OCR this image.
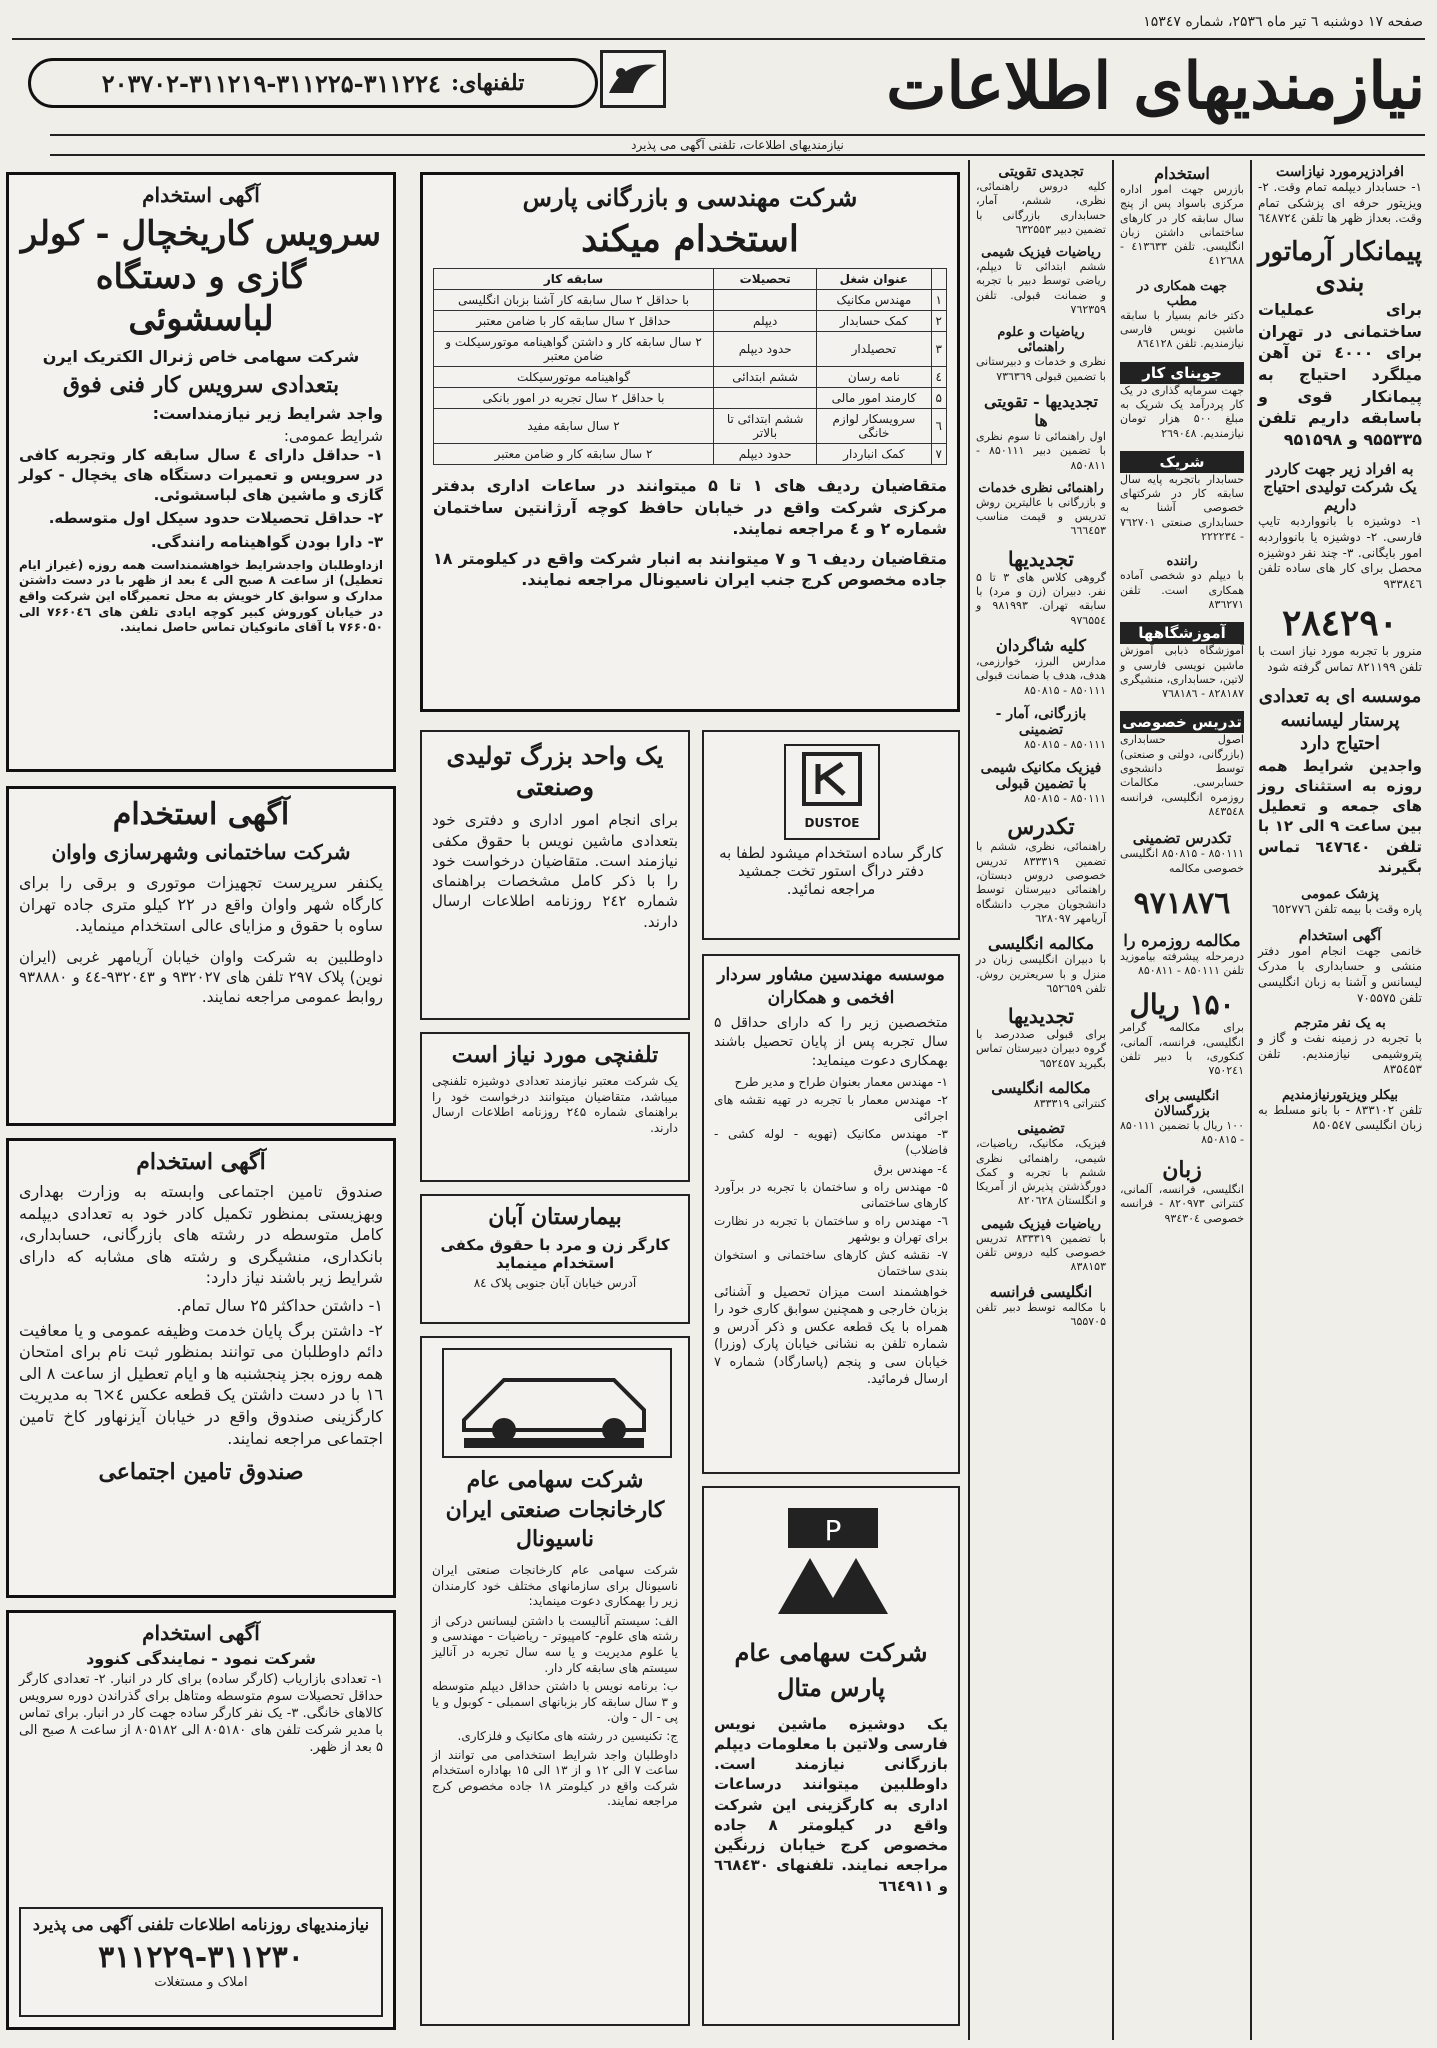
صفحه ۱۷ دوشنبه ٦ تیر ماه ۲۵۳٦، شماره ۱۵۳٤۷
نیازمندیهای اطلاعات
تلفنهای:
۲۰۳۷۰۲-۳۱۱۲۱۹-۳۱۱۲۲۵-۳۱۱۲۲٤
نیازمندیهای اطلاعات، تلفنی آگهی می پذیرد
آگهی استخدام
سرویس کاریخچال - کولر گازی و دستگاه لباسشوئی
شرکت سهامی خاص ژنرال الکتریک ایرن
بتعدادی سرویس کار فنی فوق
واجد شرایط زیر نیازمنداست:
شرایط عمومی:
۱- حداقل دارای ٤ سال سابقه کار وتجربه کافی در سرویس و تعمیرات دستگاه های یخچال - کولر گازی و ماشین های لباسشوئی.
۲- حداقل تحصیلات حدود سیکل اول متوسطه.
۳- دارا بودن گواهینامه رانندگی.
ازداوطلبان واجدشرایط خواهشمنداست همه روزه (غیراز ایام تعطیل) از ساعت ۸ صبح الی ٤ بعد از ظهر با در دست داشتن مدارک و سوابق کار خویش به محل تعمیرگاه این شرکت واقع در خیابان کوروش کبیر کوچه ایادی تلفن های ۷۶۶۰٤٦ الی ۷۶۶۰۵۰ با آقای مانوکیان تماس حاصل نمایند.
آگهی استخدام
شرکت ساختمانی وشهرسازی واوان
یکنفر سرپرست تجهیزات موتوری و برقی را برای کارگاه شهر واوان واقع در ۲۲ کیلو متری جاده تهران ساوه با حقوق و مزایای عالی استخدام مینماید.
داوطلبین به شرکت واوان خیابان آریامهر غربی (ایران نوین) پلاک ۲۹۷ تلفن های ۹۳۲۰۲۷ و ۹۳۲۰٤۳-٤٤ و ۹۳۸۸۸۰ روابط عمومی مراجعه نمایند.
آگهی استخدام
صندوق تامین اجتماعی وابسته به وزارت بهداری وبهزیستی بمنظور تکمیل کادر خود به تعدادی دیپلمه کامل متوسطه در رشته های بازرگانی، حسابداری، بانکداری، منشیگری و رشته های مشابه که دارای شرایط زیر باشند نیاز دارد:
۱- داشتن حداکثر ۲۵ سال تمام.
۲- داشتن برگ پایان خدمت وظیفه عمومی و یا معافیت دائم داوطلبان می توانند بمنظور ثبت نام برای امتحان همه روزه بجز پنجشنبه ها و ایام تعطیل از ساعت ۸ الی ۱٦ با در دست داشتن یک قطعه عکس ٤×٦ به مدیریت کارگزینی صندوق واقع در خیابان آیزنهاور کاخ تامین اجتماعی مراجعه نمایند.
صندوق تامین اجتماعی
آگهی استخدام
شرکت نمود - نمایندگی کنوود
۱- تعدادی بازاریاب (کارگر ساده) برای کار در انبار. ۲- تعدادی کارگر حداقل تحصیلات سوم متوسطه ومتاهل برای گذراندن دوره سرویس کالاهای خانگی. ۳- یک نفر کارگر ساده جهت کار در انبار. برای تماس با مدیر شرکت تلفن های ۸۰۵۱۸۰ الی ۸۰۵۱۸۲ از ساعت ۸ صبح الی ۵ بعد از ظهر.
نیازمندیهای روزنامه اطلاعات تلفنی آگهی می پذیرد
۳۱۱۲۲۹-۳۱۱۲۳۰
املاک و مستغلات
شرکت مهندسی و بازرگانی پارس
استخدام میکند
	عنوان شغل	تحصیلات	سابقه کار
۱	مهندس مکانیک		با حداقل ۲ سال سابقه کار آشنا بزبان انگلیسی
۲	کمک حسابدار	دیپلم	حداقل ۲ سال سابقه کار با ضامن معتبر
۳	تحصیلدار	حدود دیپلم	۲ سال سابقه کار و داشتن گواهینامه موتورسیکلت و ضامن معتبر
٤	نامه رسان	ششم ابتدائی	گواهینامه موتورسیکلت
۵	کارمند امور مالی		با حداقل ۲ سال تجربه در امور بانکی
٦	سرویسکار لوازم خانگی	ششم ابتدائی تا بالاتر	۲ سال سابقه مفید
۷	کمک انباردار	حدود دیپلم	۲ سال سابقه کار و ضامن معتبر
متقاضیان ردیف های ۱ تا ۵ میتوانند در ساعات اداری بدفتر مرکزی شرکت واقع در خیابان حافظ کوچه آرژانتین ساختمان شماره ۲ و ٤ مراجعه نمایند.
متقاضیان ردیف ٦ و ۷ میتوانند به انبار شرکت واقع در کیلومتر ۱۸ جاده مخصوص کرج جنب ایران ناسیونال مراجعه نمایند.
یک واحد بزرگ تولیدی وصنعتی
برای انجام امور اداری و دفتری خود بتعدادی ماشین نویس با حقوق مکفی نیازمند است. متقاضیان درخواست خود را با ذکر کامل مشخصات براهنمای شماره ۲٤۲ روزنامه اطلاعات ارسال دارند.
تلفنچی مورد نیاز است
یک شرکت معتبر نیازمند تعدادی دوشیزه تلفنچی میباشد، متقاضیان میتوانند درخواست خود را براهنمای شماره ۲٤۵ روزنامه اطلاعات ارسال دارند.
بیمارستان آبان
کارگر زن و مرد با حقوق مکفی استخدام مینماید
آدرس خیابان آبان جنوبی پلاک ۸٤
شرکت سهامی عام کارخانجات صنعتی ایران ناسیونال
شرکت سهامی عام کارخانجات صنعتی ایران ناسیونال برای سازمانهای مختلف خود کارمندان زیر را بهمکاری دعوت مینماید:
الف: سیستم آنالیست با داشتن لیسانس درکی از رشته های علوم- کامپیوتر - ریاضیات - مهندسی و یا علوم مدیریت و یا سه سال تجربه در آنالیز سیستم های سابقه کار دار.
ب: برنامه نویس با داشتن حداقل دیپلم متوسطه و ۳ سال سابقه کار بزبانهای اسمبلی - کوبول و یا پی - ال - وان.
ج: تکنیسین در رشته های مکانیک و فلزکاری.
داوطلبان واجد شرایط استخدامی می توانند از ساعت ۷ الی ۱۲ و از ۱۳ الی ۱۵ بهاداره استخدام شرکت واقع در کیلومتر ۱۸ جاده مخصوص کرج مراجعه نمایند.
DUSTOE
کارگر ساده استخدام میشود لطفا به دفتر دراگ استور تخت جمشید مراجعه نمائید.
موسسه مهندسین مشاور سردار افخمی و همکاران
متخصصین زیر را که دارای حداقل ۵ سال تجربه پس از پایان تحصیل باشند بهمکاری دعوت مینماید:
۱- مهندس معمار بعنوان طراح و مدیر طرح
۲- مهندس معمار با تجربه در تهیه نقشه های اجرائی
۳- مهندس مکانیک (تهویه - لوله کشی - فاضلاب)
٤- مهندس برق
۵- مهندس راه و ساختمان با تجربه در برآورد کارهای ساختمانی
٦- مهندس راه و ساختمان با تجربه در نظارت برای تهران و بوشهر
۷- نقشه کش کارهای ساختمانی و استخوان بندی ساختمان
خواهشمند است میزان تحصیل و آشنائی بزبان خارجی و همچنین سوابق کاری خود را همراه با یک قطعه عکس و ذکر آدرس و شماره تلفن به نشانی خیابان پارک (وزرا) خیابان سی و پنجم (پاسارگاد) شماره ۷ ارسال فرمائید.
P
شرکت سهامی عام پارس متال
یک دوشیزه ماشین نویس فارسی ولاتین با معلومات دیپلم بازرگانی نیازمند است. داوطلبین میتوانند درساعات اداری به کارگزینی این شرکت واقع در کیلومتر ۸ جاده مخصوص کرج خیابان زرنگین مراجعه نمایند. تلفنهای ٦٦۸٤۳۰ و ٦٦٤۹۱۱
تجدیدی تقویتی
کلیه دروس راهنمائی، نظری، ششم، آمار، حسابداری بازرگانی با تضمین دبیر ٦۳۲۵۵۳
ریاضیات فیزیک شیمی
ششم ابتدائی تا دیپلم، ریاضی توسط دبیر با تجربه و ضمانت قبولی. تلفن ۷٦۲۳۵۹
ریاضیات و علوم راهنمائی
نظری و خدمات و دبیرستانی با تضمین قبولی ۷۳٦۳٦۹
تجدیدیها - تقویتی ها
اول راهنمائی تا سوم نظری با تضمین دبیر ۸۵۰۱۱۱ - ۸۵۰۸۱۱
راهنمائی نظری خدمات
و بازرگانی با عالیترین روش تدریس و قیمت مناسب ٦٦٦٤۵۳
تجدیدیها
گروهی کلاس های ۳ تا ۵ نفر. دبیران (زن و مرد) با سابقه تهران. ۹۸۱۹۹۳ و ۹۷٦۵۵٤
کلیه شاگردان
مدارس البرز، خوارزمی، هدف، هدف با ضمانت قبولی ۸۵۰۱۱۱ - ۸۵۰۸۱۵
بازرگانی، آمار - تضمینی
۸۵۰۱۱۱ - ۸۵۰۸۱۵
فیزیک مکانیک شیمی با تضمین قبولی
۸۵۰۱۱۱ - ۸۵۰۸۱۵
تکدرس
راهنمائی، نظری، ششم با تضمین ۸۳۳۳۱۹ تدریس خصوصی دروس دبستان، راهنمائی دبیرستان توسط دانشجویان مجرب دانشگاه آریامهر ٦۲۸۰۹۷
مکالمه انگلیسی
با دبیران انگلیسی زبان در منزل و با سریعترین روش. تلفن ٦۵۲٦۵۹
تجدیدیها
برای قبولی صددرصد با گروه دبیران دبیرستان تماس بگیرید ٦۵۲٤۵۷
مکالمه انگلیسی
کنتراتی ۸۳۳۳۱۹
تضمینی
فیزیک، مکانیک، ریاضیات، شیمی، راهنمائی نظری ششم با تجربه و کمک دورگذشتن پذیرش از آمریکا و انگلستان ۸۲۰٦۲۸
ریاضیات فیزیک شیمی
با تضمین ۸۳۳۳۱۹ تدریس خصوصی کلیه دروس تلفن ۸۳۸۱۵۳
انگلیسی فرانسه
با مکالمه توسط دبیر تلفن ٦۵۵۷۰۵
استخدام
بازرس جهت امور اداره مرکزی باسواد پس از پنج سال سابقه کار در کارهای ساختمانی داشتن زبان انگلیسی. تلفن ٤۱۳٦۳۳ - ٤۱۲٦۸۸
جهت همکاری در مطب
دکتر خانم بسیار با سابقه ماشین نویس فارسی نیازمندیم. تلفن ۸٦٤۱۲۸
جوینای کار
جهت سرمایه گذاری در یک کار پردرآمد یک شریک به مبلغ ۵۰۰ هزار تومان نیازمندیم. ۲٦۹۰٤۸
شریک
حسابدار باتجربه پایه سال سابقه کار در شرکتهای خصوصی آشنا به حسابداری صنعتی ۷٦۲۷۰۱ - ۲۲۲۲۳٤
راننده
با دیپلم دو شخصی آماده همکاری است. تلفن ۸۳٦۲۷۱
آموزشگاهها
آموزشگاه ذبابی آموزش ماشین نویسی فارسی و لاتین، حسابداری، منشیگری ۸۲۸۱۸۷ - ۷٦۸۱۸٦
تدریس خصوصی
اصول حسابداری (بازرگانی، دولتی و صنعتی) توسط دانشجوی حسابرسی. مکالمات روزمره انگلیسی، فرانسه ۸٤۳۵٤۸
تکدرس تضمینی
۸۵۰۱۱۱ - ۸۵۰۸۱۵ انگلیسی خصوصی مکالمه
۹۷۱۸۷٦
مکالمه روزمره را
درمرحله پیشرفته بیاموزید تلفن ۸۵۰۱۱۱ - ۸۵۰۸۱۱
۱۵۰ ریال
برای مکالمه گرامر انگلیسی، فرانسه، آلمانی، کنکوری، با دبیر تلفن ۷۵۰۲٤۱
انگلیسی برای بزرگسالان
۱۰۰ ریال با تضمین ۸۵۰۱۱۱ - ۸۵۰۸۱۵
زبان
انگلیسی، فرانسه، آلمانی، کنتراتی ۸۲۰۹۷۳ - فرانسه خصوصی ۹۳٤۳۰٤
افرادزیرمورد نیازاست
۱- حسابدار دیپلمه تمام وقت. ۲- ویزیتور حرفه ای پزشکی تمام وقت. بعداز ظهر ها تلفن ٦٤۸۷۲٤
پیمانکار آرماتور بندی
برای عملیات ساختمانی در تهران برای ٤۰۰۰ تن آهن میلگرد احتیاج به پیمانکار قوی و باسابقه داریم تلفن ۹۵۵۳۳۵ و ۹۵۱۵۹۸
به افراد زیر جهت کاردر یک شرکت تولیدی احتیاج داریم
۱- دوشیزه با بانوواردبه تایپ فارسی. ۲- دوشیزه یا بانوواردبه امور بایگانی. ۳- چند نفر دوشیزه محصل برای کار های ساده تلفن ۹۳۳۸٤٦
۲۸٤۲۹۰
منرور با تجربه مورد نیاز است با تلفن ۸۲۱۱۹۹ تماس گرفته شود
موسسه ای به تعدادی پرستار لیسانسه احتیاج دارد
واجدین شرایط همه روزه به استثنای روز های جمعه و تعطیل بین ساعت ۹ الی ۱۲ با تلفن ٦٤۷٦٤۰ تماس بگیرند
پزشک عمومی
پاره وقت با بیمه تلفن ٦٥۲۷۷٦
آگهی استخدام
خانمی جهت انجام امور دفتر منشی و حسابداری با مدرک لیسانس و آشنا به زبان انگلیسی تلفن ۷۰۵۵۷۵
به یک نفر مترجم
با تجربه در زمینه نفت و گاز و پتروشیمی نیازمندیم. تلفن ۸۳۵٤۵۳
بیکلر ویزیتورنیازمندیم
تلفن ۸۳۳۱۰۲ - با بانو مسلط به زبان انگلیسی ۸۵۰۵٤۷
